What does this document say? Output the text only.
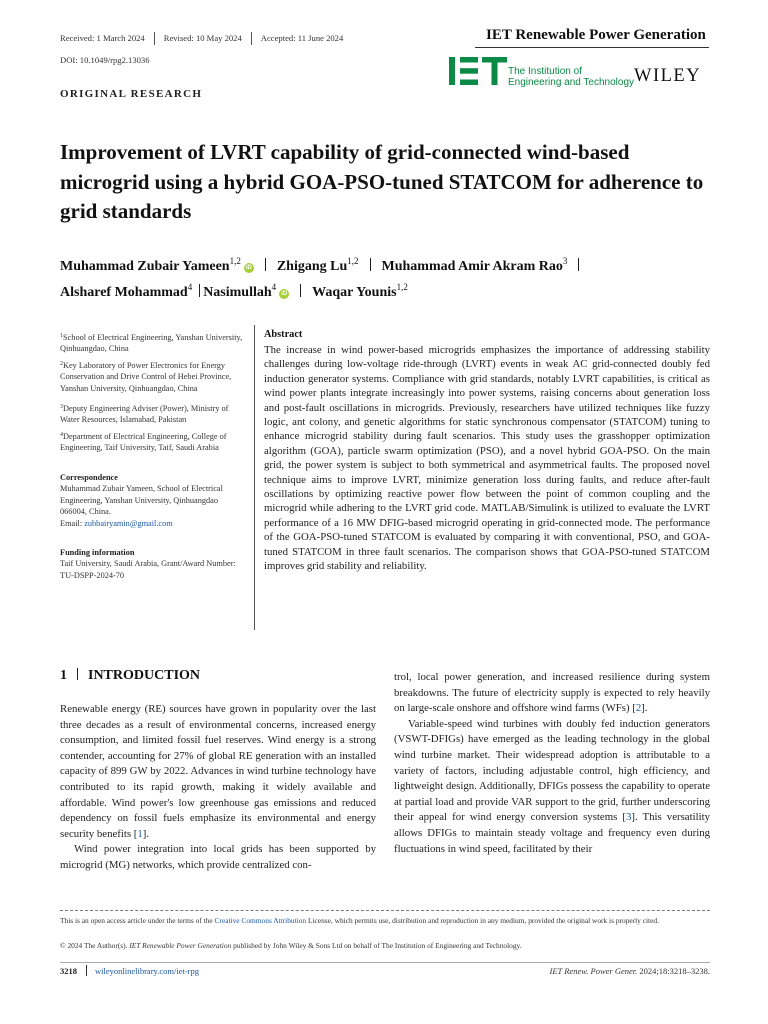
Received: 1 March 2024 Revised: 10 May 2024 Accepted: 11 June 2024
DOI: 10.1049/rpg2.13036
IET Renewable Power Generation
The Institution of
Engineering and Technology WILEY
ORIGINAL RESEARCH
Improvement of LVRT capability of grid-connected wind-based microgrid using a hybrid GOA-PSO-tuned STATCOM for adherence to grid standards
Muhammad Zubair Yameen$^{1,2}$iD Zhigang Lu$^{1,2}$ Muhammad Amir Akram Rao$^3$
Alsharef Mohammad$^4$ Nasimullah$^4$iD Waqar Younis$^{1,2}$
$^1$School of Electrical Engineering, Yanshan University, Qinhuangdao, China
$^2$Key Laboratory of Power Electronics for Energy Conservation and Drive Control of Hebei Province, Yanshan University, Qinhuangdao, China
$^3$Deputy Engineering Adviser (Power), Ministry of Water Resources, Islamabad, Pakistan
$^4$Department of Electrical Engineering, College of Engineering, Taif University, Taif, Saudi Arabia
Correspondence
Muhammad Zubair Yameen, School of Electrical Engineering, Yanshan University, Qinhuangdao 066004, China.
Email: zubbairyamin@gmail.com
Funding information
Taif University, Saudi Arabia, Grant/Award Number: TU-DSPP-2024-70
Abstract
The increase in wind power-based microgrids emphasizes the importance of addressing stability challenges during low-voltage ride-through (LVRT) events in weak AC grid-connected doubly fed induction generator systems. Compliance with grid standards, notably LVRT capabilities, is critical as wind power plants integrate increasingly into power systems, raising concerns about generation loss and post-fault oscillations in microgrids. Previously, researchers have utilized techniques like fuzzy logic, ant colony, and genetic algorithms for static synchronous compensator (STATCOM) tuning to enhance microgrid stability during fault scenarios. This study uses the grasshopper optimization algorithm (GOA), particle swarm optimization (PSO), and a novel hybrid GOA-PSO. On the main grid, the power system is subject to both symmetrical and asymmetrical faults. The proposed novel technique aims to improve LVRT, minimize generation loss during faults, and reduce after-fault oscillations by optimizing reactive power flow between the point of common coupling and the microgrid while adhering to the LVRT grid code. MATLAB/Simulink is utilized to evaluate the LVRT performance of a 16 MW DFIG-based microgrid operating in grid-connected mode. The performance of the GOA-PSO-tuned STATCOM is evaluated by comparing it with conventional, PSO, and GOA-tuned STATCOM in three fault scenarios. The comparison shows that GOA-PSO-tuned STATCOM improves grid stability and reliability.
1 INTRODUCTION

Renewable energy (RE) sources have grown in popularity over the last three decades as a result of environmental concerns, increased energy consumption, and limited fossil fuel reserves. Wind energy is a strong contender, accounting for 27% of global RE generation with an installed capacity of 899 GW by 2022. Advances in wind turbine technology have contributed to its rapid growth, making it widely available and affordable. Wind power's low greenhouse gas emissions and reduced dependency on fossil fuels emphasize its environmental and energy security benefits [1].

Wind power integration into local grids has been supported by microgrid (MG) networks, which provide centralized con-

trol, local power generation, and increased resilience during system breakdowns. The future of electricity supply is expected to rely heavily on large-scale onshore and offshore wind farms (WFs) [2].

Variable-speed wind turbines with doubly fed induction generators (VSWT-DFIGs) have emerged as the leading technology in the global wind turbine market. Their widespread adoption is attributable to a variety of factors, including adjustable control, high efficiency, and lightweight design. Additionally, DFIGs possess the capability to operate at partial load and provide VAR support to the grid, further underscoring their appeal for wind energy conversion systems [3]. This versatility allows DFIGs to maintain steady voltage and frequency even during fluctuations in wind speed, facilitated by their

This is an open access article under the terms of the Creative Commons Attribution License, which permits use, distribution and reproduction in any medium, provided the original work is properly cited.
© 2024 The Author(s). IET Renewable Power Generation published by John Wiley & Sons Ltd on behalf of The Institution of Engineering and Technology.
3218 wileyonlinelibrary.com/iet-rpg	IET Renew. Power Gener. 2024;18:3218–3238.
